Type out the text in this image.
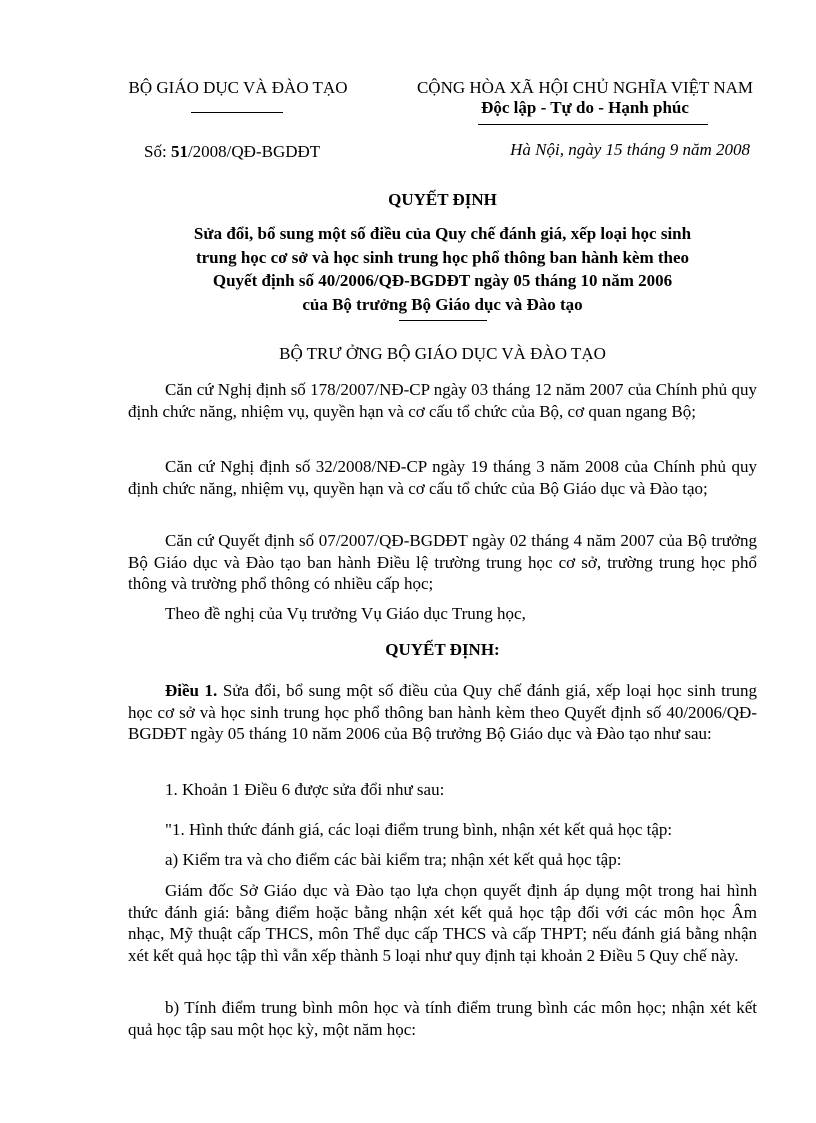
BỘ GIÁO DỤC VÀ ĐÀO TẠO	CỘNG HÒA XÃ HỘI CHỦ NGHĨA VIỆT NAM
Độc lập - Tự do - Hạnh phúc
Số: 51/2008/QĐ-BGDĐT	Hà Nội, ngày 15 tháng 9 năm 2008
QUYẾT ĐỊNH
Sửa đổi, bổ sung một số điều của Quy chế đánh giá, xếp loại học sinh
trung học cơ sở và học sinh trung học phổ thông ban hành kèm theo
Quyết định số 40/2006/QĐ-BGDĐT ngày 05 tháng 10 năm 2006
của Bộ trưởng Bộ Giáo dục và Đào tạo
BỘ TRƯ ỞNG BỘ GIÁO DỤC VÀ ĐÀO TẠO

Căn cứ Nghị định số 178/2007/NĐ-CP ngày 03 tháng 12 năm 2007 của Chính phủ quy định chức năng, nhiệm vụ, quyền hạn và cơ cấu tổ chức của Bộ, cơ quan ngang Bộ;

Căn cứ Nghị định số 32/2008/NĐ-CP ngày 19 tháng 3 năm 2008 của Chính phủ quy định chức năng, nhiệm vụ, quyền hạn và cơ cấu tổ chức của Bộ Giáo dục và Đào tạo;

Căn cứ Quyết định số 07/2007/QĐ-BGDĐT ngày 02 tháng 4 năm 2007 của Bộ trưởng Bộ Giáo dục và Đào tạo ban hành Điều lệ trường trung học cơ sở, trường trung học phổ thông và trường phổ thông có nhiều cấp học;

Theo đề nghị của Vụ trưởng Vụ Giáo dục Trung học,

QUYẾT ĐỊNH:

Điều 1. Sửa đổi, bổ sung một số điều của Quy chế đánh giá, xếp loại học sinh trung học cơ sở và học sinh trung học phổ thông ban hành kèm theo Quyết định số 40/2006/QĐ-BGDĐT ngày 05 tháng 10 năm 2006 của Bộ trưởng Bộ Giáo dục và Đào tạo như sau:

1. Khoản 1 Điều 6 được sửa đổi như sau:

"1. Hình thức đánh giá, các loại điểm trung bình, nhận xét kết quả học tập:

a) Kiểm tra và cho điểm các bài kiểm tra; nhận xét kết quả học tập:

Giám đốc Sở Giáo dục và Đào tạo lựa chọn quyết định áp dụng một trong hai hình thức đánh giá: bằng điểm hoặc bằng nhận xét kết quả học tập đối với các môn học Âm nhạc, Mỹ thuật cấp THCS, môn Thể dục cấp THCS và cấp THPT; nếu đánh giá bằng nhận xét kết quả học tập thì vẫn xếp thành 5 loại như quy định tại khoản 2 Điều 5 Quy chế này.

b) Tính điểm trung bình môn học và tính điểm trung bình các môn học; nhận xét kết quả học tập sau một học kỳ, một năm học:
